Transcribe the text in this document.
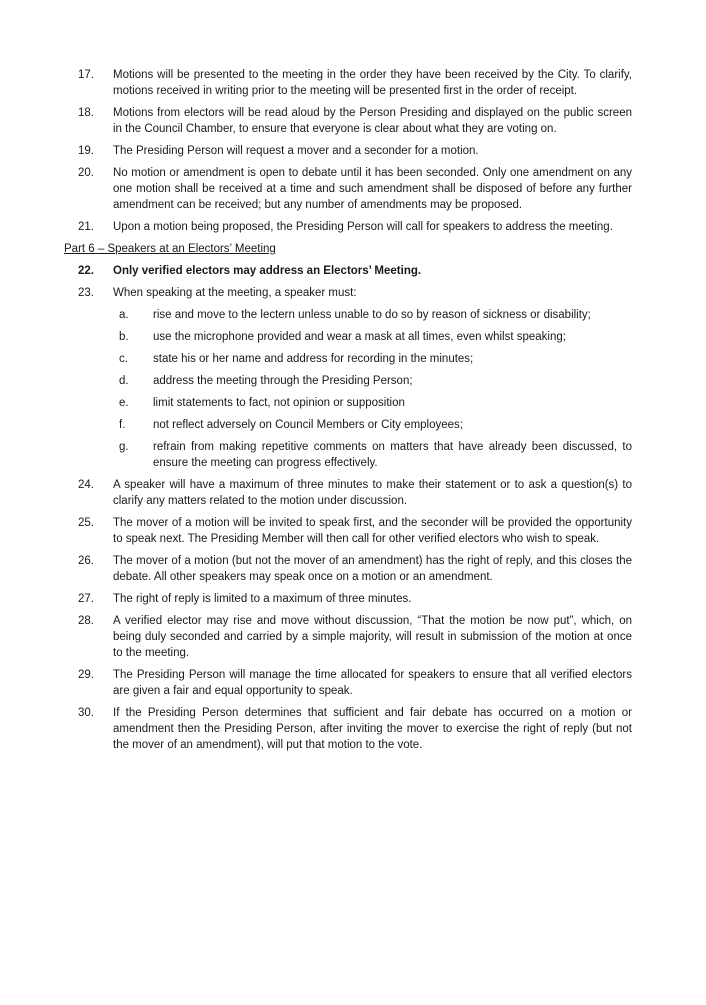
17. Motions will be presented to the meeting in the order they have been received by the City. To clarify, motions received in writing prior to the meeting will be presented first in the order of receipt.
18. Motions from electors will be read aloud by the Person Presiding and displayed on the public screen in the Council Chamber, to ensure that everyone is clear about what they are voting on.
19. The Presiding Person will request a mover and a seconder for a motion.
20. No motion or amendment is open to debate until it has been seconded. Only one amendment on any one motion shall be received at a time and such amendment shall be disposed of before any further amendment can be received; but any number of amendments may be proposed.
21. Upon a motion being proposed, the Presiding Person will call for speakers to address the meeting.
Part 6 – Speakers at an Electors’ Meeting
22. Only verified electors may address an Electors’ Meeting.
23. When speaking at the meeting, a speaker must:
a. rise and move to the lectern unless unable to do so by reason of sickness or disability;
b. use the microphone provided and wear a mask at all times, even whilst speaking;
c. state his or her name and address for recording in the minutes;
d. address the meeting through the Presiding Person;
e. limit statements to fact, not opinion or supposition
f. not reflect adversely on Council Members or City employees;
g. refrain from making repetitive comments on matters that have already been discussed, to ensure the meeting can progress effectively.
24. A speaker will have a maximum of three minutes to make their statement or to ask a question(s) to clarify any matters related to the motion under discussion.
25. The mover of a motion will be invited to speak first, and the seconder will be provided the opportunity to speak next. The Presiding Member will then call for other verified electors who wish to speak.
26. The mover of a motion (but not the mover of an amendment) has the right of reply, and this closes the debate. All other speakers may speak once on a motion or an amendment.
27. The right of reply is limited to a maximum of three minutes.
28. A verified elector may rise and move without discussion, “That the motion be now put”, which, on being duly seconded and carried by a simple majority, will result in submission of the motion at once to the meeting.
29. The Presiding Person will manage the time allocated for speakers to ensure that all verified electors are given a fair and equal opportunity to speak.
30. If the Presiding Person determines that sufficient and fair debate has occurred on a motion or amendment then the Presiding Person, after inviting the mover to exercise the right of reply (but not the mover of an amendment), will put that motion to the vote.
